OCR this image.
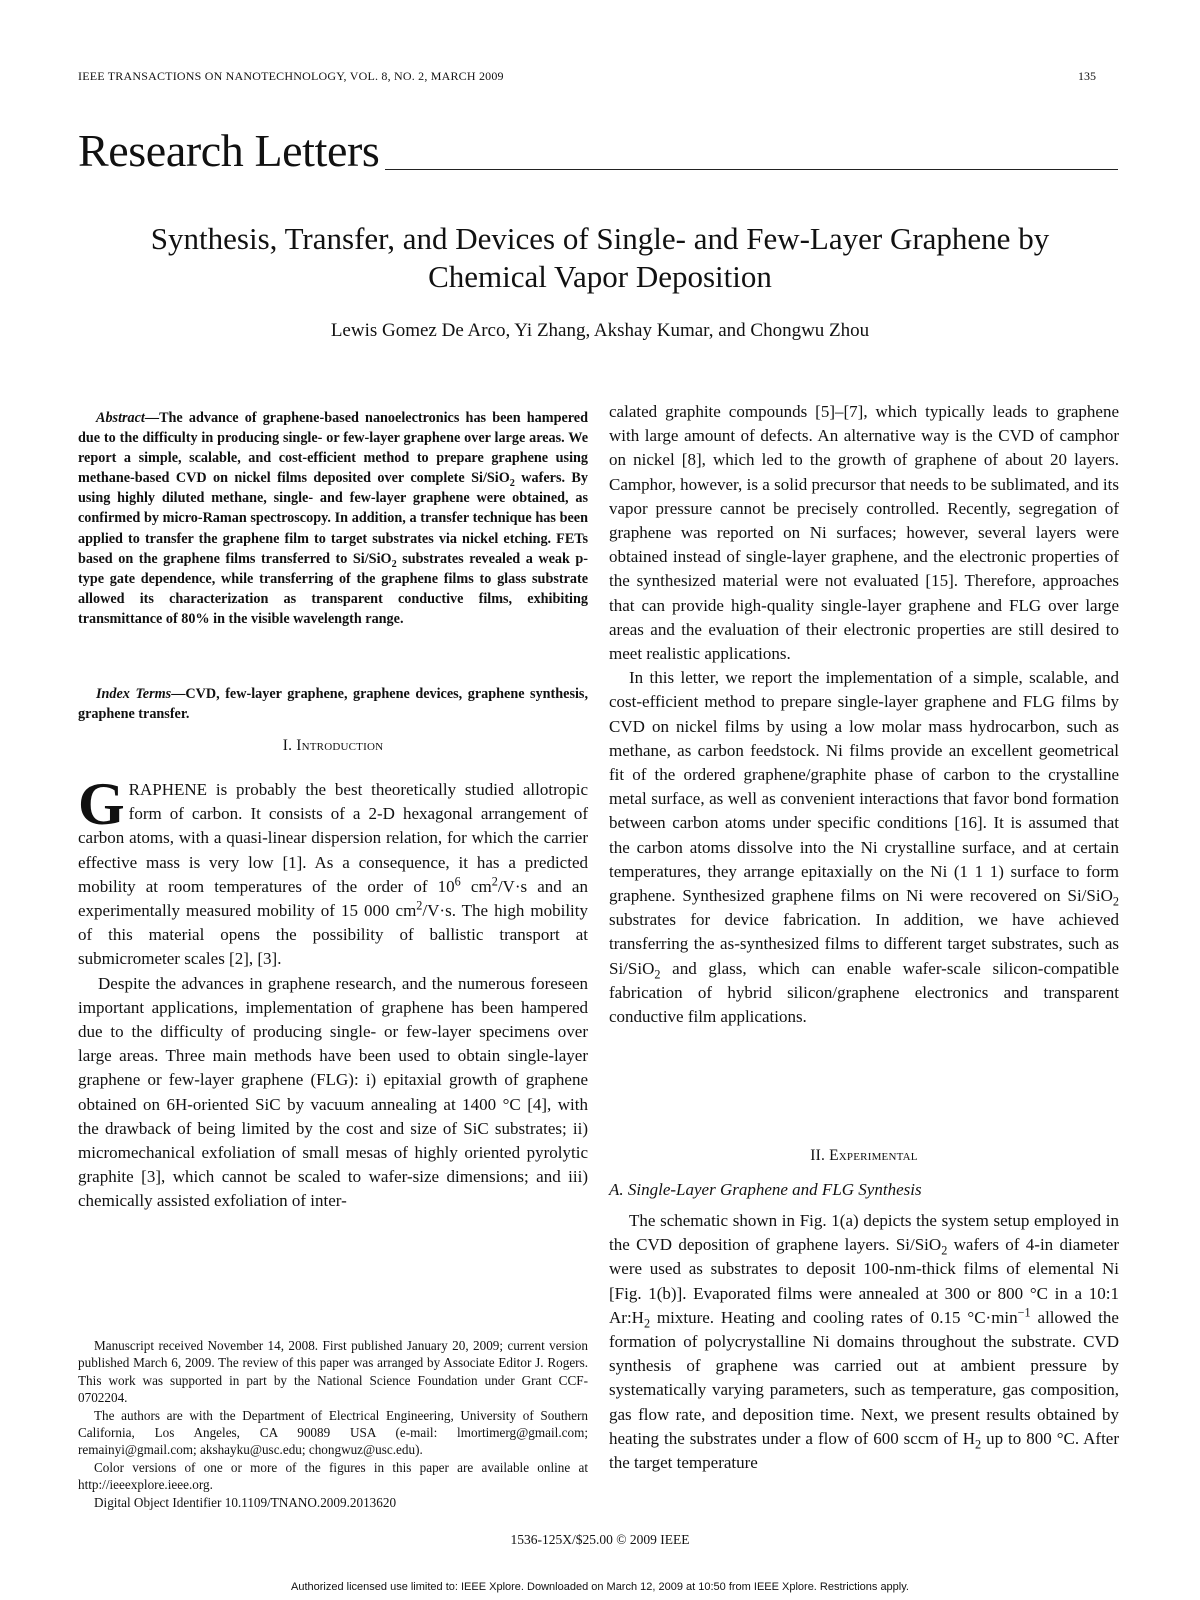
IEEE TRANSACTIONS ON NANOTECHNOLOGY, VOL. 8, NO. 2, MARCH 2009	135
Research Letters
Synthesis, Transfer, and Devices of Single- and Few-Layer Graphene by
Chemical Vapor Deposition
Lewis Gomez De Arco, Yi Zhang, Akshay Kumar, and Chongwu Zhou
Abstract—The advance of graphene-based nanoelectronics has been hampered due to the difficulty in producing single- or few-layer graphene over large areas. We report a simple, scalable, and cost-efficient method to prepare graphene using methane-based CVD on nickel films deposited over complete Si/SiO$_2$ wafers. By using highly diluted methane, single- and few-layer graphene were obtained, as confirmed by micro-Raman spectroscopy. In addition, a transfer technique has been applied to transfer the graphene film to target substrates via nickel etching. FETs based on the graphene films transferred to Si/SiO$_2$ substrates revealed a weak p-type gate dependence, while transferring of the graphene films to glass substrate allowed its characterization as transparent conductive films, exhibiting transmittance of 80% in the visible wavelength range.
Index Terms—CVD, few-layer graphene, graphene devices, graphene synthesis, graphene transfer.
I. Introduction

GRAPHENE is probably the best theoretically studied allotropic form of carbon. It consists of a 2-D hexagonal arrangement of carbon atoms, with a quasi-linear dispersion relation, for which the carrier effective mass is very low [1]. As a consequence, it has a predicted mobility at room temperatures of the order of $10^6$ $cm^2/V\cdot s$ and an experimentally measured mobility of 15 000 $cm^2/V\cdot s$. The high mobility of this material opens the possibility of ballistic transport at submicrometer scales [2], [3].

Despite the advances in graphene research, and the numerous foreseen important applications, implementation of graphene has been hampered due to the difficulty of producing single- or few-layer specimens over large areas. Three main methods have been used to obtain single-layer graphene or few-layer graphene (FLG): i) epitaxial growth of graphene obtained on 6H-oriented SiC by vacuum annealing at 1400 °C [4], with the drawback of being limited by the cost and size of SiC substrates; ii) micromechanical exfoliation of small mesas of highly oriented pyrolytic graphite [3], which cannot be scaled to wafer-size dimensions; and iii) chemically assisted exfoliation of inter-

Manuscript received November 14, 2008. First published January 20, 2009; current version published March 6, 2009. The review of this paper was arranged by Associate Editor J. Rogers. This work was supported in part by the National Science Foundation under Grant CCF-0702204.

The authors are with the Department of Electrical Engineering, University of Southern California, Los Angeles, CA 90089 USA (e-mail: lmortimerg@gmail.com; remainyi@gmail.com; akshayku@usc.edu; chongwuz@usc.edu).

Color versions of one or more of the figures in this paper are available online at http://ieeexplore.ieee.org.

Digital Object Identifier 10.1109/TNANO.2009.2013620

calated graphite compounds [5]–[7], which typically leads to graphene with large amount of defects. An alternative way is the CVD of camphor on nickel [8], which led to the growth of graphene of about 20 layers. Camphor, however, is a solid precursor that needs to be sublimated, and its vapor pressure cannot be precisely controlled. Recently, segregation of graphene was reported on Ni surfaces; however, several layers were obtained instead of single-layer graphene, and the electronic properties of the synthesized material were not evaluated [15]. Therefore, approaches that can provide high-quality single-layer graphene and FLG over large areas and the evaluation of their electronic properties are still desired to meet realistic applications.

In this letter, we report the implementation of a simple, scalable, and cost-efficient method to prepare single-layer graphene and FLG films by CVD on nickel films by using a low molar mass hydrocarbon, such as methane, as carbon feedstock. Ni films provide an excellent geometrical fit of the ordered graphene/graphite phase of carbon to the crystalline metal surface, as well as convenient interactions that favor bond formation between carbon atoms under specific conditions [16]. It is assumed that the carbon atoms dissolve into the Ni crystalline surface, and at certain temperatures, they arrange epitaxially on the Ni (1 1 1) surface to form graphene. Synthesized graphene films on Ni were recovered on Si/SiO$_2$ substrates for device fabrication. In addition, we have achieved transferring the as-synthesized films to different target substrates, such as Si/SiO$_2$ and glass, which can enable wafer-scale silicon-compatible fabrication of hybrid silicon/graphene electronics and transparent conductive film applications.

II. Experimental
A. Single-Layer Graphene and FLG Synthesis

The schematic shown in Fig. 1(a) depicts the system setup employed in the CVD deposition of graphene layers. Si/SiO$_2$ wafers of 4-in diameter were used as substrates to deposit 100-nm-thick films of elemental Ni [Fig. 1(b)]. Evaporated films were annealed at 300 or 800 °C in a 10:1 $Ar:H_2$ mixture. Heating and cooling rates of 0.15 $^\circ C\cdot\min^{-1}$ allowed the formation of polycrystalline Ni domains throughout the substrate. CVD synthesis of graphene was carried out at ambient pressure by systematically varying parameters, such as temperature, gas composition, gas flow rate, and deposition time. Next, we present results obtained by heating the substrates under a flow of 600 sccm of $H_2$ up to 800 °C. After the target temperature

1536-125X/$25.00 © 2009 IEEE
Authorized licensed use limited to: IEEE Xplore. Downloaded on March 12, 2009 at 10:50 from IEEE Xplore. Restrictions apply.
